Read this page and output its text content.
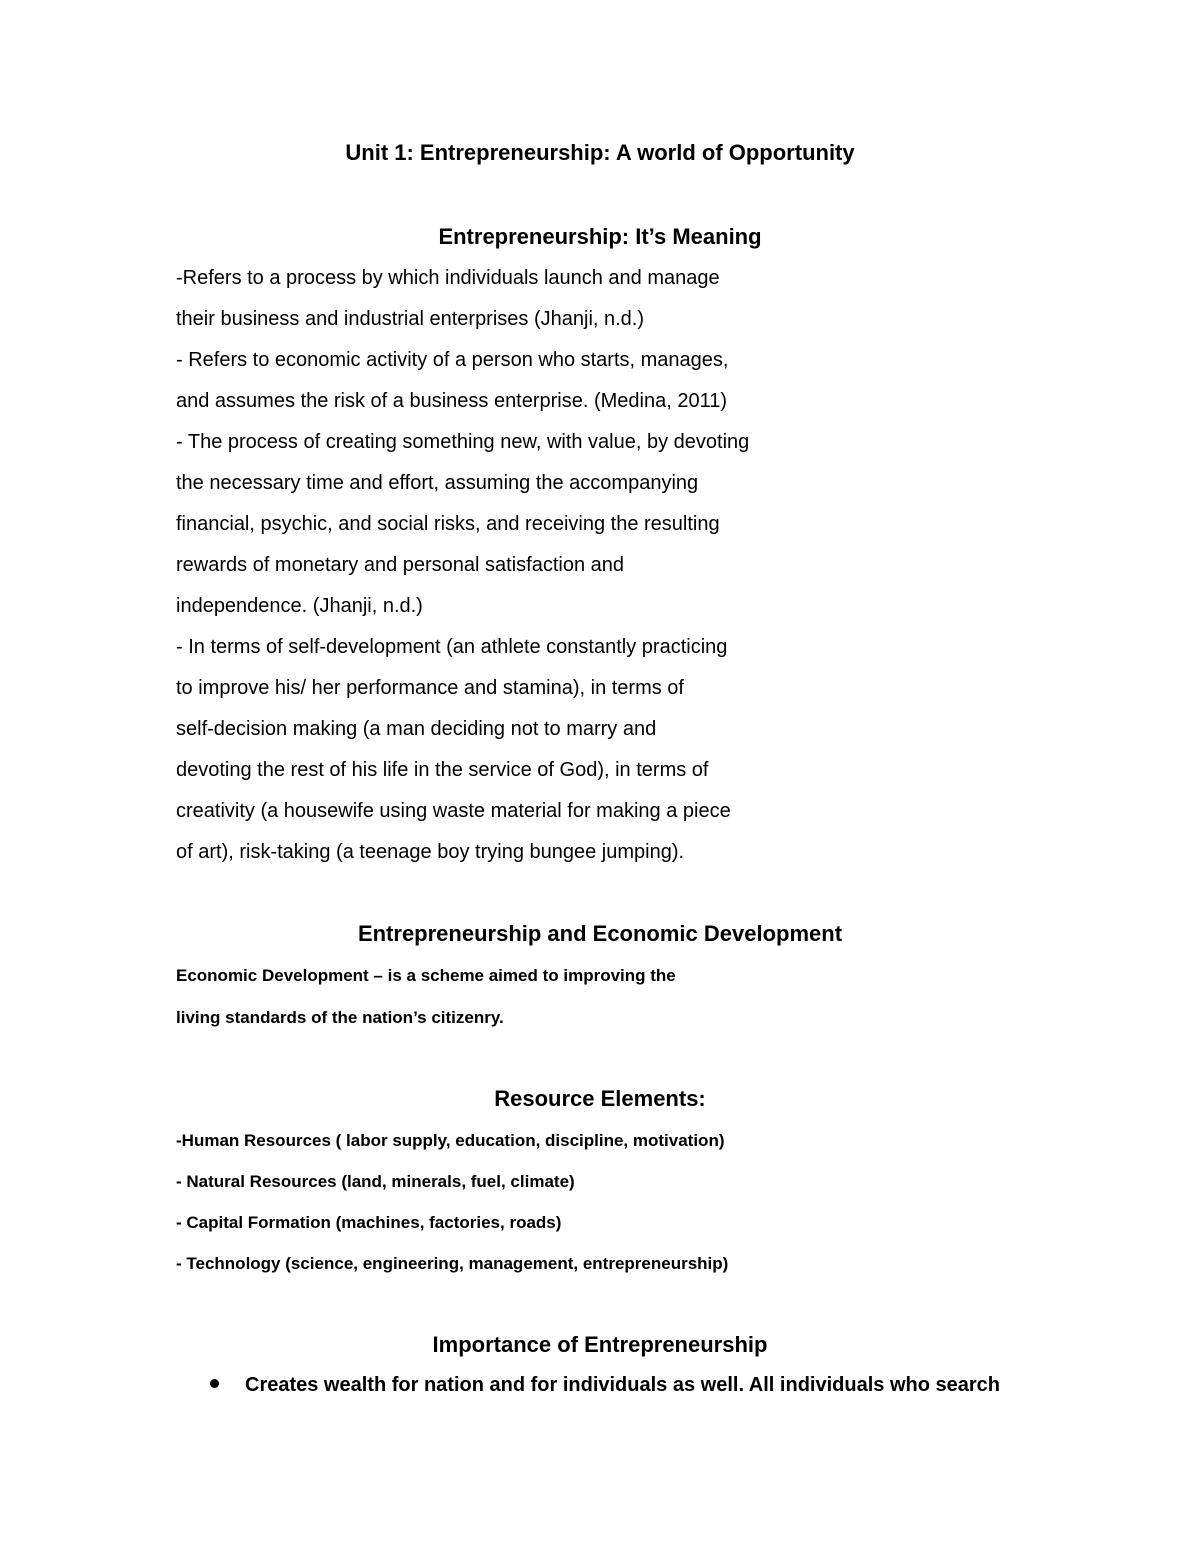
Unit 1: Entrepreneurship: A world of Opportunity
Entrepreneurship: It’s Meaning
-Refers to a process by which individuals launch and manage
their business and industrial enterprises (Jhanji, n.d.)
- Refers to economic activity of a person who starts, manages,
and assumes the risk of a business enterprise. (Medina, 2011)
- The process of creating something new, with value, by devoting
the necessary time and effort, assuming the accompanying
financial, psychic, and social risks, and receiving the resulting
rewards of monetary and personal satisfaction and
independence. (Jhanji, n.d.)
- In terms of self-development (an athlete constantly practicing
to improve his/ her performance and stamina), in terms of
self-decision making (a man deciding not to marry and
devoting the rest of his life in the service of God), in terms of
creativity (a housewife using waste material for making a piece
of art), risk-taking (a teenage boy trying bungee jumping).
Entrepreneurship and Economic Development
Economic Development – is a scheme aimed to improving the
living standards of the nation’s citizenry.
Resource Elements:
-Human Resources ( labor supply, education, discipline, motivation)
- Natural Resources (land, minerals, fuel, climate)
- Capital Formation (machines, factories, roads)
- Technology (science, engineering, management, entrepreneurship)
Importance of Entrepreneurship
Creates wealth for nation and for individuals as well. All individuals who search
